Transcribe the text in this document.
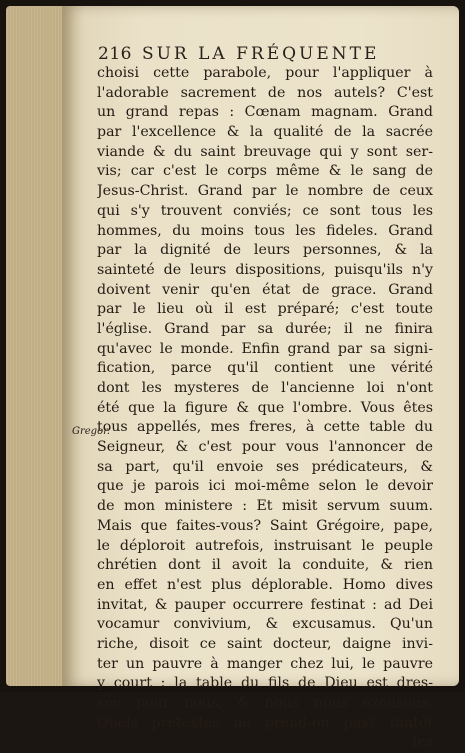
216 SUR LA FRÉQUENTE
Gregor.
choisi cette parabole, pour l'appliquer à
l'adorable sacrement de nos autels? C'est
un grand repas : Cœnam magnam. Grand
par l'excellence & la qualité de la sacrée
viande & du saint breuvage qui y sont ser-
vis; car c'est le corps même & le sang de
Jesus-Christ. Grand par le nombre de ceux
qui s'y trouvent conviés; ce sont tous les
hommes, du moins tous les fideles. Grand
par la dignité de leurs personnes, & la
sainteté de leurs dispositions, puisqu'ils n'y
doivent venir qu'en état de grace. Grand
par le lieu où il est préparé; c'est toute
l'église. Grand par sa durée; il ne finira
qu'avec le monde. Enfin grand par sa signi-
fication, parce qu'il contient une vérité
dont les mysteres de l'ancienne loi n'ont
été que la figure & que l'ombre. Vous êtes
tous appellés, mes freres, à cette table du
Seigneur, & c'est pour vous l'annoncer de
sa part, qu'il envoie ses prédicateurs, &
que je parois ici moi-même selon le devoir
de mon ministere : Et misit servum suum.
Mais que faites-vous? Saint Grégoire, pape,
le déploroit autrefois, instruisant le peuple
chrétien dont il avoit la conduite, & rien
en effet n'est plus déplorable. Homo dives
invitat, & pauper occurrere festinat : ad Dei
vocamur convivium, & excusamus. Qu'un
riche, disoit ce saint docteur, daigne invi-
ter un pauvre à manger chez lui, le pauvre
y court : la table du fils de Dieu est dres-
sée pour nous, & nous nous excusons.
Quels prétextes ne prend-on pas? tantôt
les
